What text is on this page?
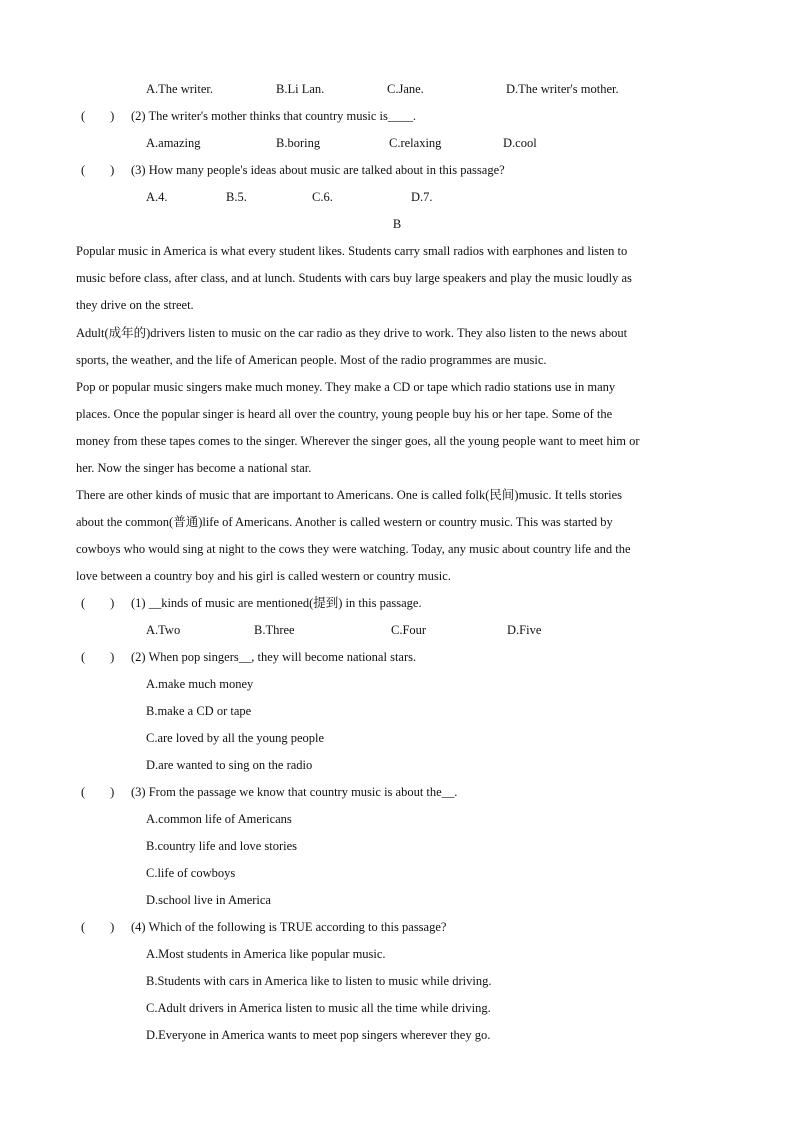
A.The writer.	B.Li Lan.	C.Jane.	D.The writer's mother.
(　　) (2) The writer's mother thinks that country music is____.
A.amazing	B.boring	C.relaxing	D.cool
(　　) (3) How many people's ideas about music are talked about in this passage?
A.4.	B.5.	C.6.	D.7.
B
Popular music in America is what every student likes. Students carry small radios with earphones and listen to
music before class, after class, and at lunch. Students with cars buy large speakers and play the music loudly as
they drive on the street.
Adult(成年的)drivers listen to music on the car radio as they drive to work. They also listen to the news about
sports, the weather, and the life of American people. Most of the radio programmes are music.
Pop or popular music singers make much money. They make a CD or tape which radio stations use in many
places. Once the popular singer is heard all over the country, young people buy his or her tape. Some of the
money from these tapes comes to the singer. Wherever the singer goes, all the young people want to meet him or
her. Now the singer has become a national star.
There are other kinds of music that are important to Americans. One is called folk(民间)music. It tells stories
about the common(普通)life of Americans. Another is called western or country music. This was started by
cowboys who would sing at night to the cows they were watching. Today, any music about country life and the
love between a country boy and his girl is called western or country music.
(　　) (1) __kinds of music are mentioned(提到) in this passage.
A.Two	B.Three	C.Four	D.Five
(　　) (2) When pop singers__, they will become national stars.
A.make much money
B.make a CD or tape
C.are loved by all the young people
D.are wanted to sing on the radio
(　　) (3) From the passage we know that country music is about the__.
A.common life of Americans
B.country life and love stories
C.life of cowboys
D.school live in America
(　　) (4) Which of the following is TRUE according to this passage?
A.Most students in America like popular music.
B.Students with cars in America like to listen to music while driving.
C.Adult drivers in America listen to music all the time while driving.
D.Everyone in America wants to meet pop singers wherever they go.
